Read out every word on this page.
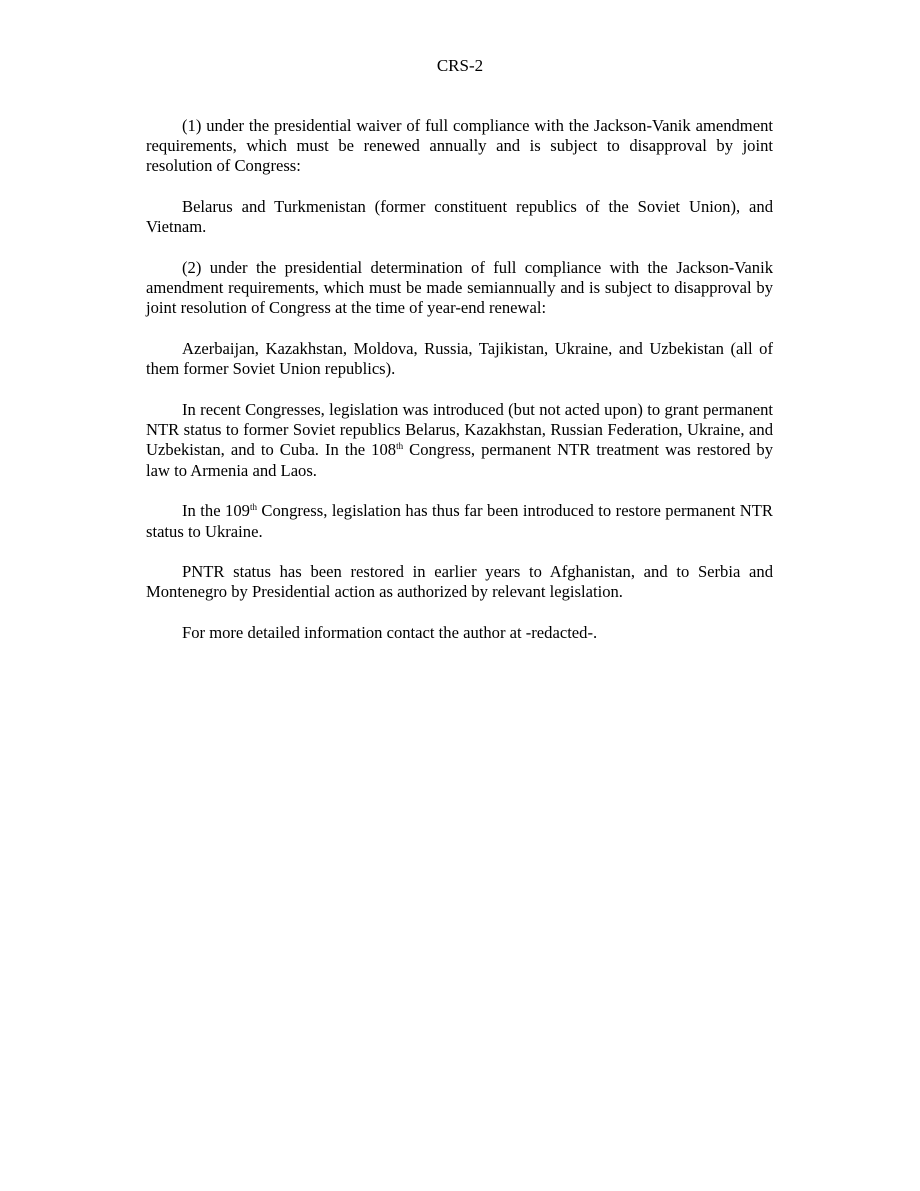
CRS-2

(1) under the presidential waiver of full compliance with the Jackson-Vanik amendment requirements, which must be renewed annually and is subject to disapproval by joint resolution of Congress:

Belarus and Turkmenistan (former constituent republics of the Soviet Union), and Vietnam.

(2) under the presidential determination of full compliance with the Jackson-Vanik amendment requirements, which must be made semiannually and is subject to disapproval by joint resolution of Congress at the time of year-end renewal:

Azerbaijan, Kazakhstan, Moldova, Russia, Tajikistan, Ukraine, and Uzbekistan (all of them former Soviet Union republics).

In recent Congresses, legislation was introduced (but not acted upon) to grant permanent NTR status to former Soviet republics Belarus, Kazakhstan, Russian Federation, Ukraine, and Uzbekistan, and to Cuba. In the 108th Congress, permanent NTR treatment was restored by law to Armenia and Laos.

In the 109th Congress, legislation has thus far been introduced to restore permanent NTR status to Ukraine.

PNTR status has been restored in earlier years to Afghanistan, and to Serbia and Montenegro by Presidential action as authorized by relevant legislation.

For more detailed information contact the author at -redacted-.
